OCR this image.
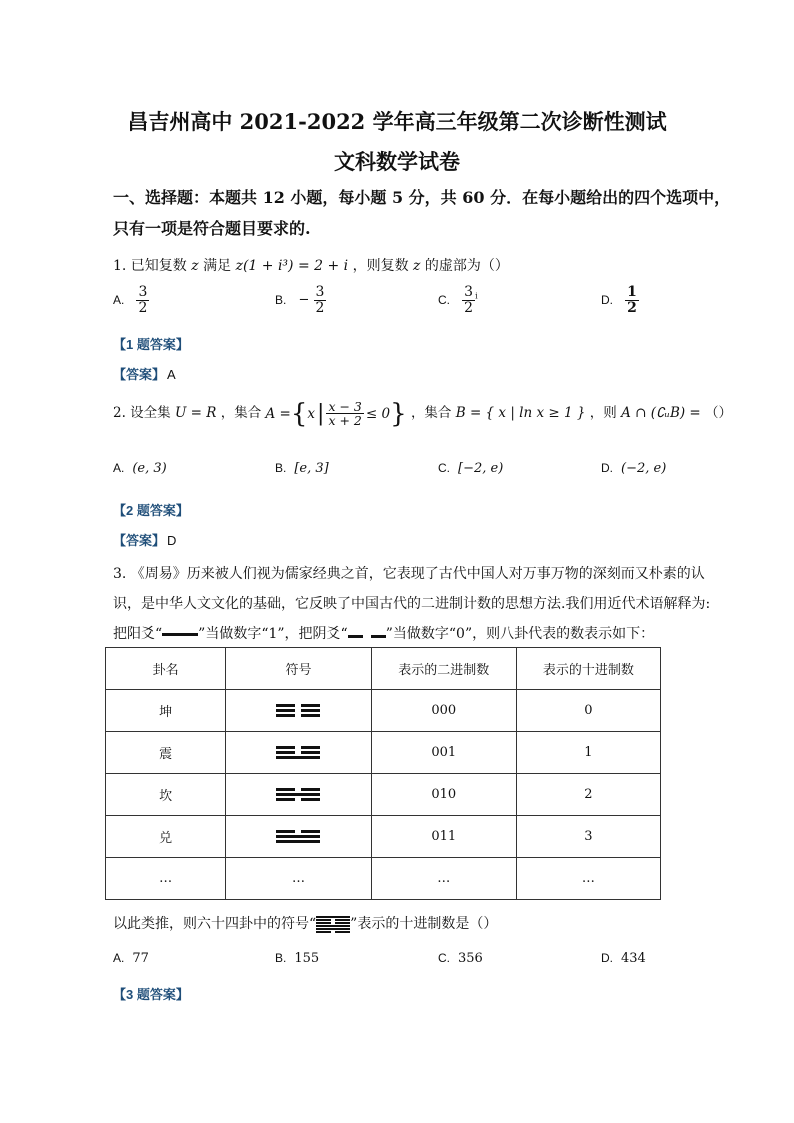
昌吉州高中 2021-2022 学年高三年级第二次诊断性测试
文科数学试卷
一、选择题：本题共 12 小题，每小题 5 分，共 60 分．在每小题给出的四个选项中，
只有一项是符合题目要求的.
1. 已知复数 z 满足 z(1 + i³) = 2 + i ，则复数 z 的虚部为（）
A. $\frac{3}{2}$	B. − $\frac{3}{2}$	C. $\frac{3}{2} ^i$	D. $\frac{1}{2}$
【1 题答案】
【答案】 A
2. 设全集 U = R ，集合 A = { x | $\frac{x - 3}{x + 2} \le 0$ } ，集合 B = { x | ln x ≥ 1 } ，则 A ∩ (∁ᵤB) = （）
A. (e, 3)	B. [e, 3]	C. [−2, e)	D. (−2, e)
【2 题答案】
【答案】 D
3. 《周易》历来被人们视为儒家经典之首，它表现了古代中国人对万事万物的深刻而又朴素的认
识，是中华人文文化的基础，它反映了中国古代的二进制计数的思想方法.我们用近代术语解释为:
把阳爻“	”当做数字“1”，把阴爻“	”当做数字“0”，则八卦代表的数表示如下：
卦名	符号	表示的二进制数	表示的十进制数
坤		000	0
震		001	1
坎		010	2
兑		011	3
…	…	…	…
以此类推，则六十四卦中的符号“ ”表示的十进制数是（）
A. 77	B. 155	C. 356	D. 434
【3 题答案】
